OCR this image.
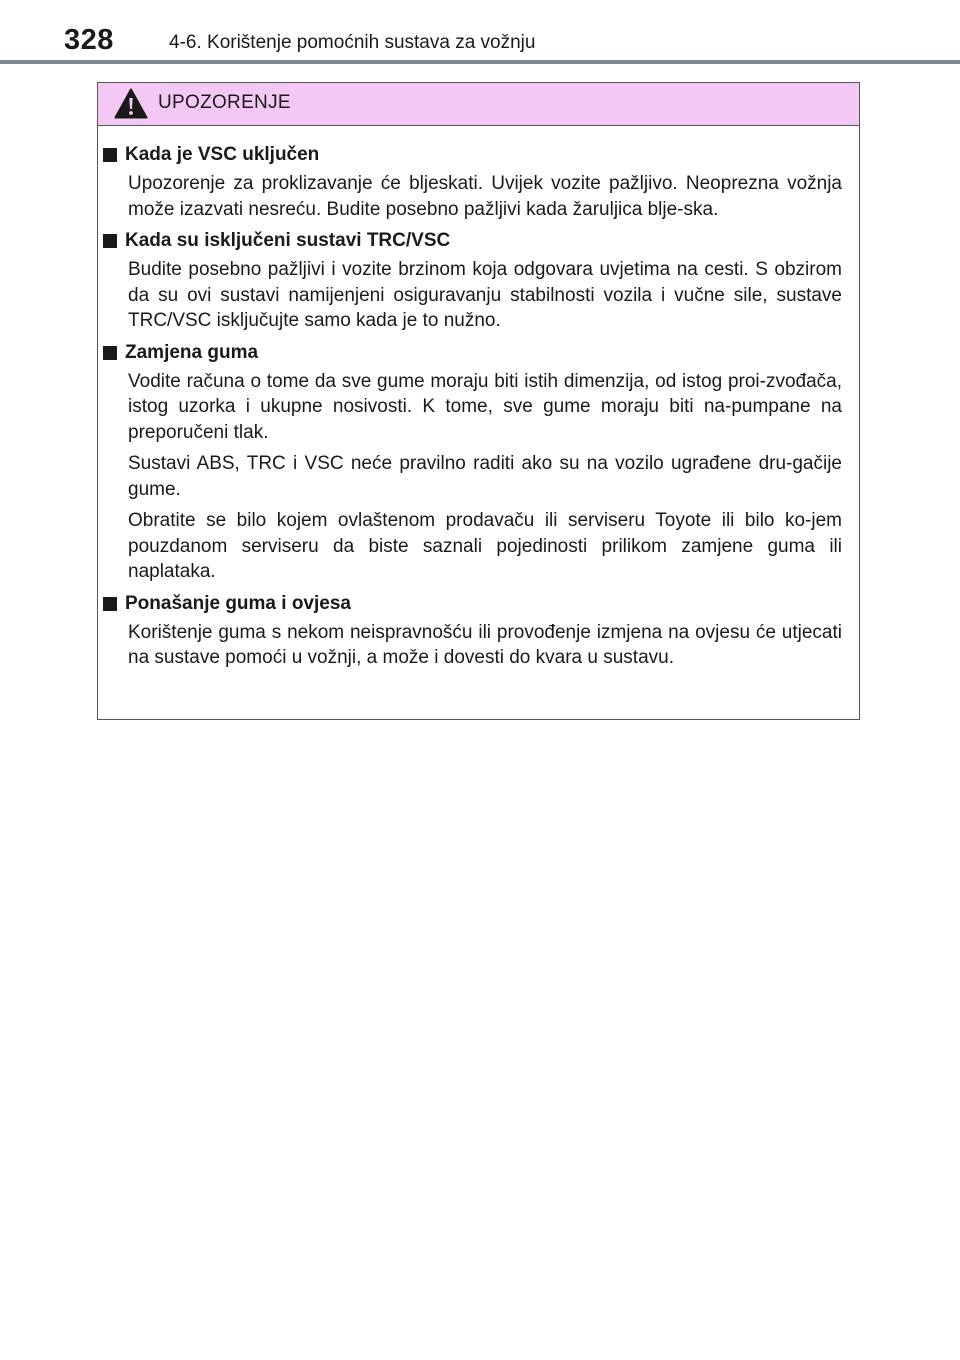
328	4-6. Korištenje pomoćnih sustava za vožnju
UPOZORENJE
Kada je VSC uključen

Upozorenje za proklizavanje će bljeskati. Uvijek vozite pažljivo. Neoprezna vožnja može izazvati nesreću. Budite posebno pažljivi kada žaruljica blje-ska.

Kada su isključeni sustavi TRC/VSC

Budite posebno pažljivi i vozite brzinom koja odgovara uvjetima na cesti. S obzirom da su ovi sustavi namijenjeni osiguravanju stabilnosti vozila i vučne sile, sustave TRC/VSC isključujte samo kada je to nužno.

Zamjena guma

Vodite računa o tome da sve gume moraju biti istih dimenzija, od istog proi-zvođača, istog uzorka i ukupne nosivosti. K tome, sve gume moraju biti na-pumpane na preporučeni tlak.

Sustavi ABS, TRC i VSC neće pravilno raditi ako su na vozilo ugrađene dru-gačije gume.

Obratite se bilo kojem ovlaštenom prodavaču ili serviseru Toyote ili bilo ko-jem pouzdanom serviseru da biste saznali pojedinosti prilikom zamjene guma ili naplataka.

Ponašanje guma i ovjesa

Korištenje guma s nekom neispravnošću ili provođenje izmjena na ovjesu će utjecati na sustave pomoći u vožnji, a može i dovesti do kvara u sustavu.
